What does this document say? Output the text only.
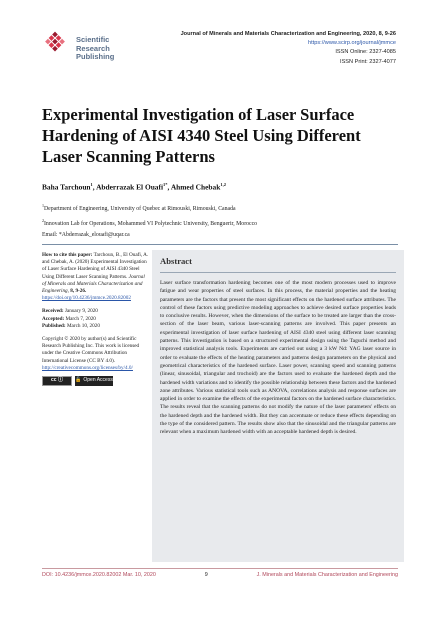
Scientific
Research
Publishing
Journal of Minerals and Materials Characterization and Engineering, 2020, 8, 9-26
https://www.scirp.org/journal/jmmce
ISSN Online: 2327-4085
ISSN Print: 2327-4077
Experimental Investigation of Laser Surface Hardening of AISI 4340 Steel Using Different Laser Scanning Patterns
Baha Tarchoun$^1$, Abderrazak El Ouafi$^{1*}$, Ahmed Chebak$^{1,2}$
$^1$Department of Engineering, University of Quebec at Rimouski, Rimouski, Canada
$^2$Innovation Lab for Operations, Mohammed VI Polytechnic University, Benguerir, Morocco
Email: *Abderrazak_elouafi@uqar.ca
How to cite this paper: Tarchoun, B., El Ouafi, A. and Chebak, A. (2020) Experimental Investigation of Laser Surface Hardening of AISI 4340 Steel Using Different Laser Scanning Patterns. Journal of Minerals and Materials Characterization and Engineering, 8, 9-26. https://doi.org/10.4236/jmmce.2020.82002
Received: January 9, 2020
Accepted: March 7, 2020
Published: March 10, 2020
Copyright © 2020 by author(s) and Scientific Research Publishing Inc. This work is licensed under the Creative Commons Attribution International License (CC BY 4.0). http://creativecommons.org/licenses/by/4.0/
cc ⓘ	🔓 Open Access
Abstract

Laser surface transformation hardening becomes one of the most modern processes used to improve fatigue and wear properties of steel surfaces. In this process, the material properties and the heating parameters are the factors that present the most significant effects on the hardened surface attributes. The control of these factors using predictive modeling approaches to achieve desired surface properties leads to conclusive results. However, when the dimensions of the surface to be treated are larger than the cross-section of the laser beam, various laser-scanning patterns are involved. This paper presents an experimental investigation of laser surface hardening of AISI 4340 steel using different laser scanning patterns. This investigation is based on a structured experimental design using the Taguchi method and improved statistical analysis tools. Experiments are carried out using a 3 kW Nd: YAG laser source in order to evaluate the effects of the heating parameters and patterns design parameters on the physical and geometrical characteristics of the hardened surface. Laser power, scanning speed and scanning patterns (linear, sinusoidal, triangular and trochoid) are the factors used to evaluate the hardened depth and the hardened width variations and to identify the possible relationship between these factors and the hardened zone attributes. Various statistical tools such as ANOVA, correlations analysis and response surfaces are applied in order to examine the effects of the experimental factors on the hardened surface characteristics. The results reveal that the scanning patterns do not modify the nature of the laser parameters' effects on the hardened depth and the hardened width. But they can accentuate or reduce these effects depending on the type of the considered pattern. The results show also that the sinusoidal and the triangular patterns are relevant when a maximum hardened width with an acceptable hardened depth is desired.

DOI: 10.4236/jmmce.2020.82002 Mar. 10, 2020	9	J. Minerals and Materials Characterization and Engineering
